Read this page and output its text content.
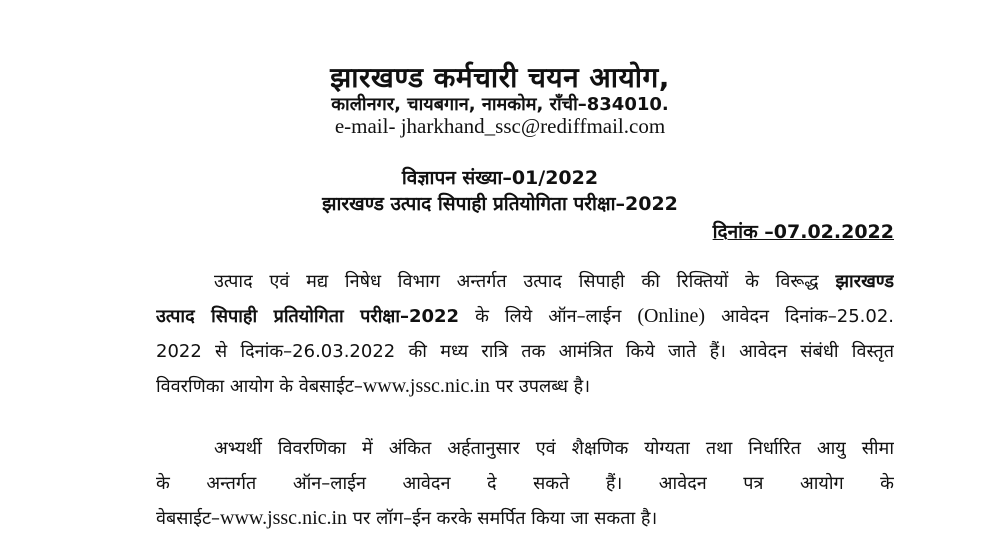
झारखण्ड कर्मचारी चयन आयोग,
कालीनगर, चायबगान, नामकोम, राँची–834010.
e-mail- jharkhand_ssc@rediffmail.com
विज्ञापन संख्या–01/2022
झारखण्ड उत्पाद सिपाही प्रतियोगिता परीक्षा–2022
दिनांक –07.02.2022
उत्पाद एवं मद्य निषेध विभाग अन्तर्गत उत्पाद सिपाही की रिक्तियों के विरूद्ध झारखण्ड
उत्पाद सिपाही प्रतियोगिता परीक्षा–2022 के लिये ऑन–लाईन (Online) आवेदन दिनांक–25.02.
2022 से दिनांक–26.03.2022 की मध्य रात्रि तक आमंत्रित किये जाते हैं। आवेदन संबंधी विस्तृत
विवरणिका आयोग के वेबसाईट–www.jssc.nic.in पर उपलब्ध है।
अभ्यर्थी विवरणिका में अंकित अर्हतानुसार एवं शैक्षणिक योग्यता तथा निर्धारित आयु सीमा
के अन्तर्गत ऑन–लाईन आवेदन दे सकते हैं। आवेदन पत्र आयोग के
वेबसाईट–www.jssc.nic.in पर लॉग–ईन करके समर्पित किया जा सकता है।
